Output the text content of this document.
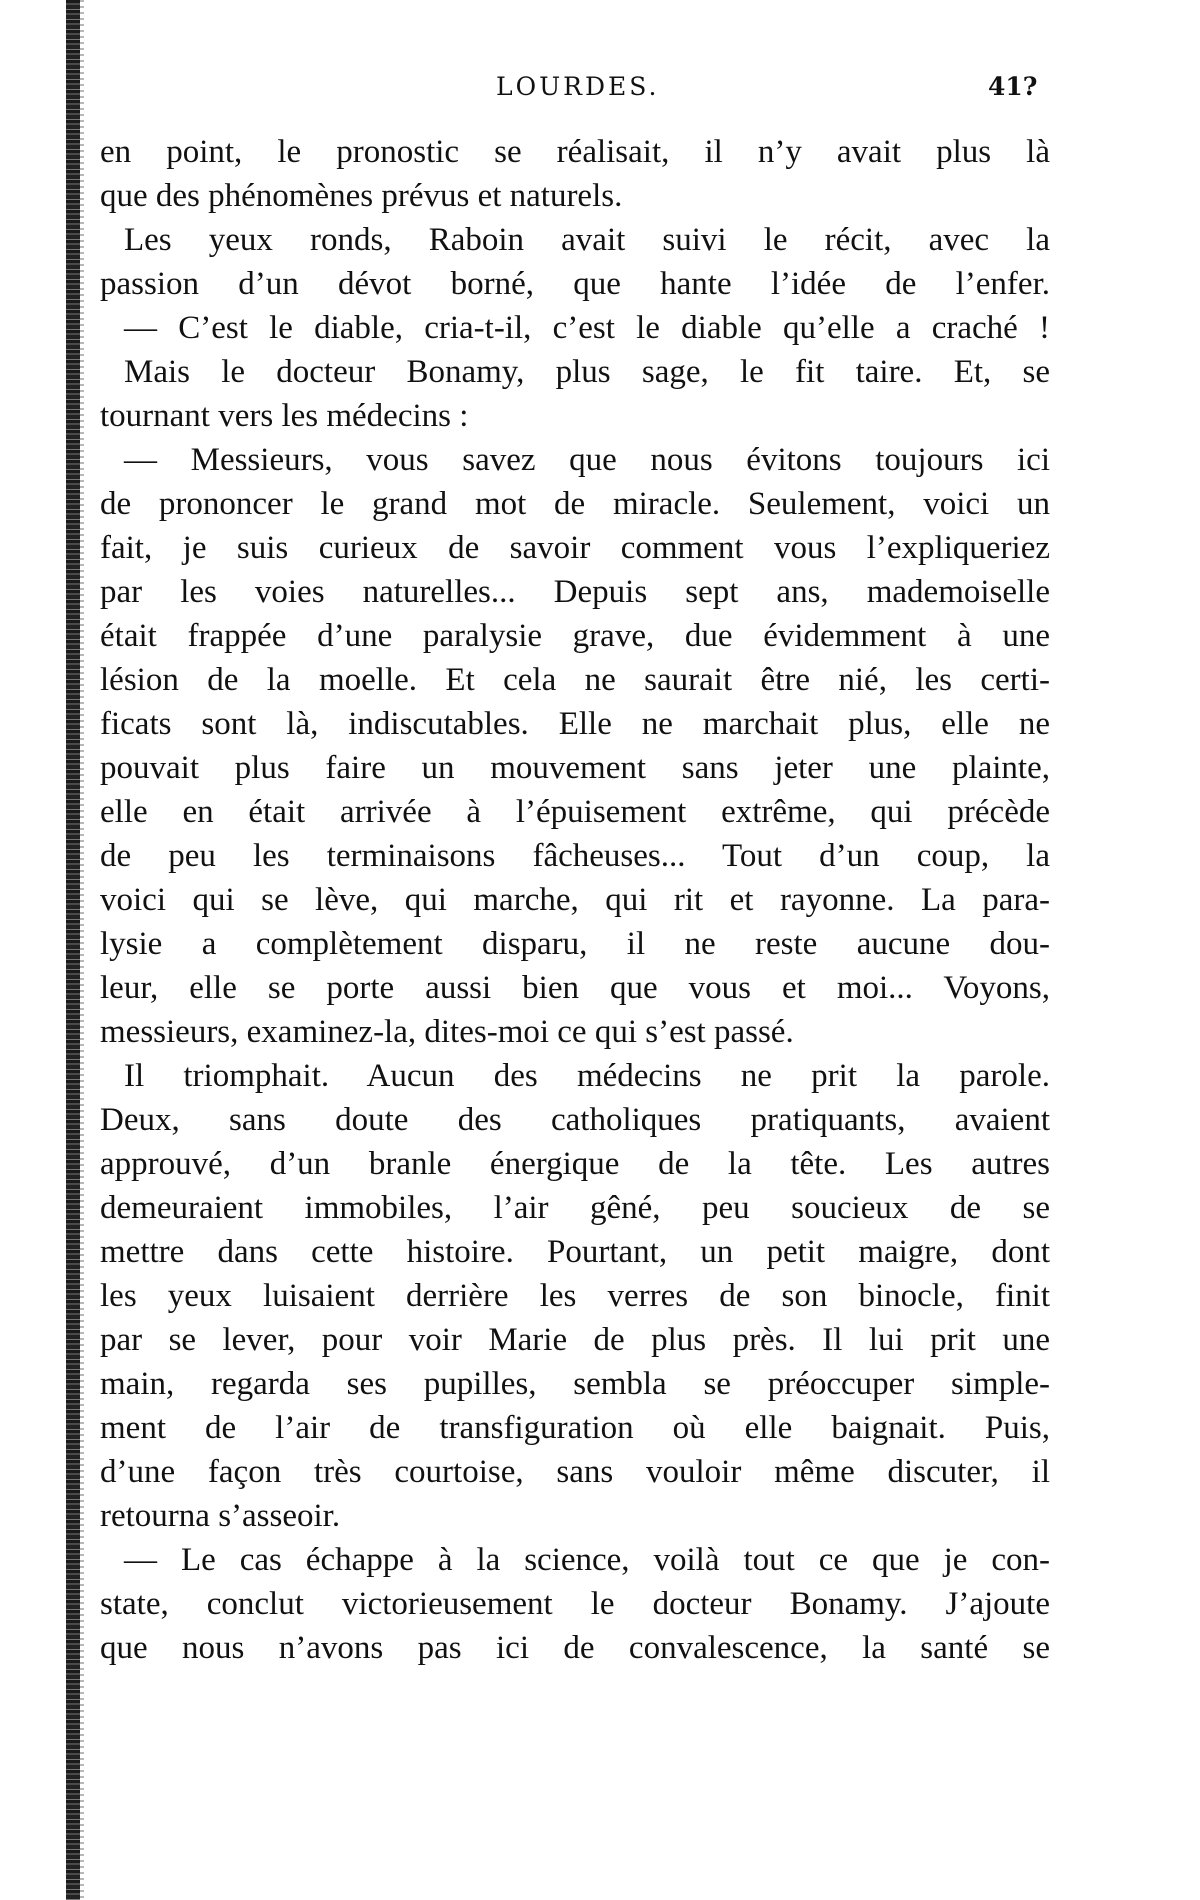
LOURDES.	41?
en point, le pronostic se réalisait, il n’y avait plus là
que des phénomènes prévus et naturels.
Les yeux ronds, Raboin avait suivi le récit, avec la
passion d’un dévot borné, que hante l’idée de l’enfer.
— C’est le diable, cria-t-il, c’est le diable qu’elle a craché !
Mais le docteur Bonamy, plus sage, le fit taire. Et, se
tournant vers les médecins :
— Messieurs, vous savez que nous évitons toujours ici
de prononcer le grand mot de miracle. Seulement, voici un
fait, je suis curieux de savoir comment vous l’expliqueriez
par les voies naturelles... Depuis sept ans, mademoiselle
était frappée d’une paralysie grave, due évidemment à une
lésion de la moelle. Et cela ne saurait être nié, les certi-
ficats sont là, indiscutables. Elle ne marchait plus, elle ne
pouvait plus faire un mouvement sans jeter une plainte,
elle en était arrivée à l’épuisement extrême, qui précède
de peu les terminaisons fâcheuses... Tout d’un coup, la
voici qui se lève, qui marche, qui rit et rayonne. La para-
lysie a complètement disparu, il ne reste aucune dou-
leur, elle se porte aussi bien que vous et moi... Voyons,
messieurs, examinez-la, dites-moi ce qui s’est passé.
Il triomphait. Aucun des médecins ne prit la parole.
Deux, sans doute des catholiques pratiquants, avaient
approuvé, d’un branle énergique de la tête. Les autres
demeuraient immobiles, l’air gêné, peu soucieux de se
mettre dans cette histoire. Pourtant, un petit maigre, dont
les yeux luisaient derrière les verres de son binocle, finit
par se lever, pour voir Marie de plus près. Il lui prit une
main, regarda ses pupilles, sembla se préoccuper simple-
ment de l’air de transfiguration où elle baignait. Puis,
d’une façon très courtoise, sans vouloir même discuter, il
retourna s’asseoir.
— Le cas échappe à la science, voilà tout ce que je con-
state, conclut victorieusement le docteur Bonamy. J’ajoute
que nous n’avons pas ici de convalescence, la santé se
